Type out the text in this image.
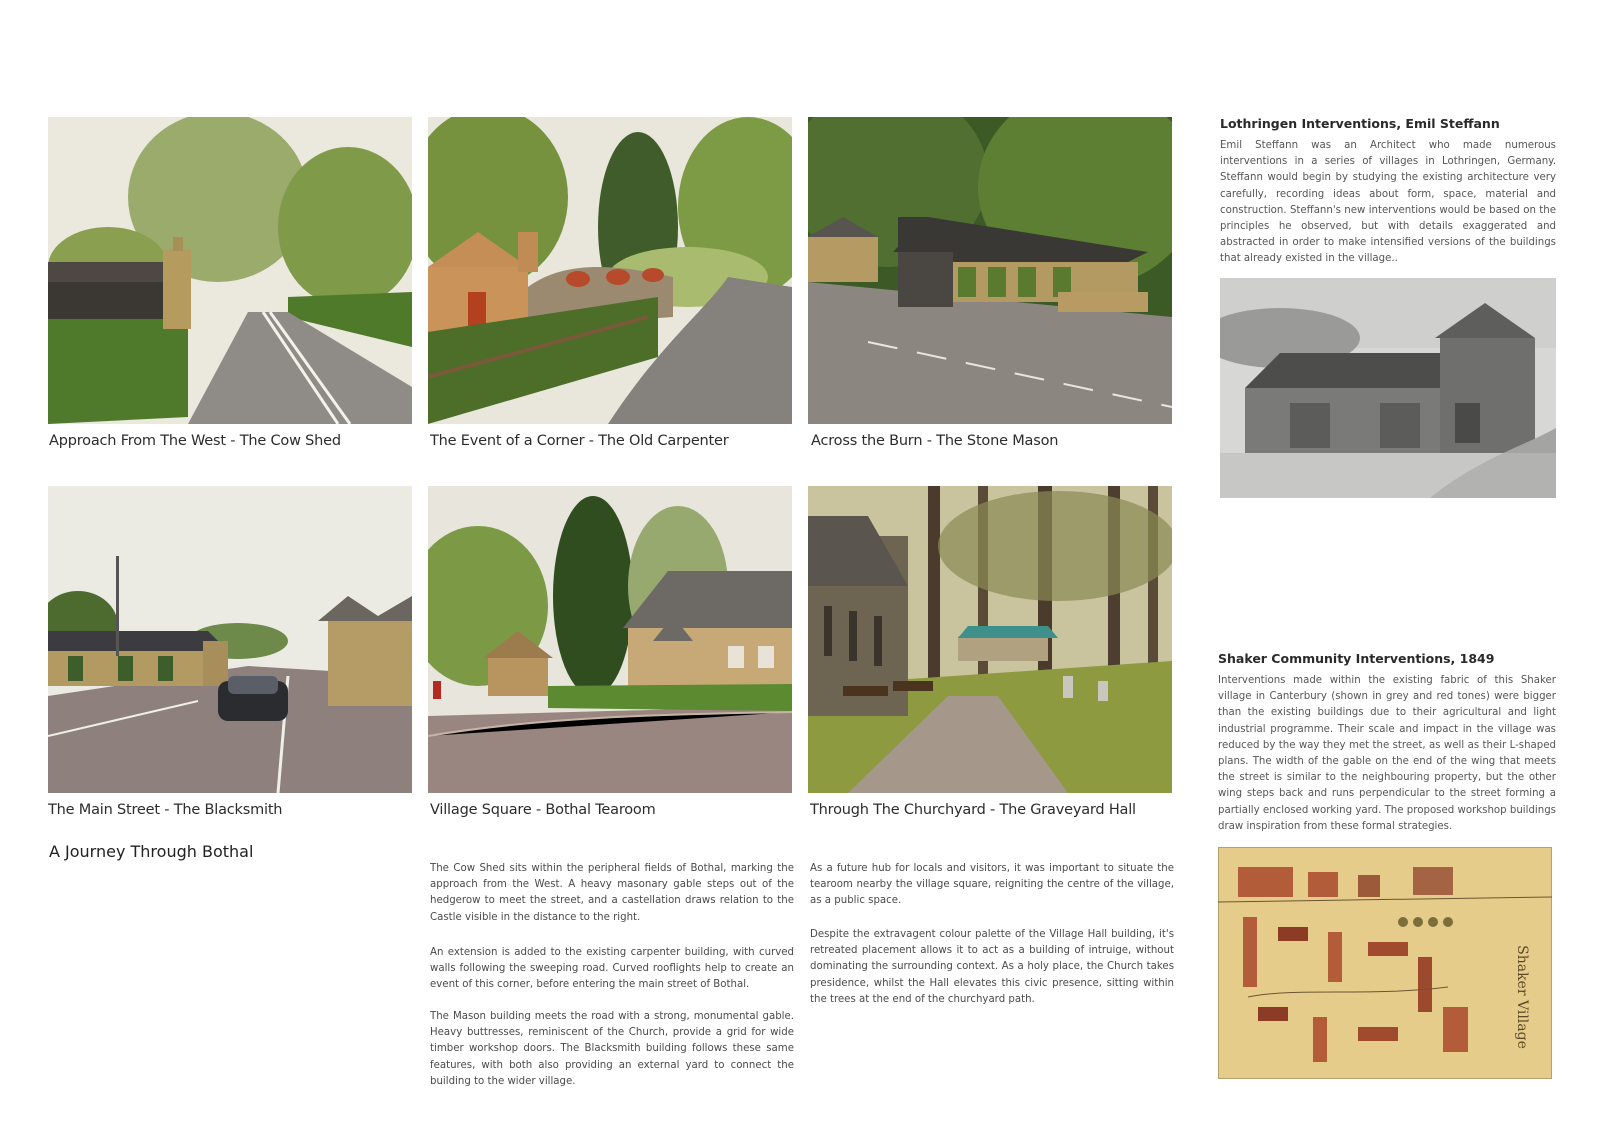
Approach From The West - The Cow Shed	The Event of a Corner - The Old Carpenter	Across the Burn - The Stone Mason
The Main Street - The Blacksmith	Village Square - Bothal Tearoom	Through The Churchyard - The Graveyard Hall
A Journey Through Bothal

The Cow Shed sits within the peripheral fields of Bothal, marking the approach from the West. A heavy masonary gable steps out of the hedgerow to meet the street, and a castellation draws relation to the Castle visible in the distance to the right.

An extension is added to the existing carpenter building, with curved walls following the sweeping road. Curved rooflights help to create an event of this corner, before entering the main street of Bothal.

The Mason building meets the road with a strong, monumental gable. Heavy buttresses, reminiscent of the Church, provide a grid for wide timber workshop doors. The Blacksmith building follows these same features, with both also providing an external yard to connect the building to the wider village.

As a future hub for locals and visitors, it was important to situate the tearoom nearby the village square, reigniting the centre of the village, as a public space.

Despite the extravagent colour palette of the Village Hall building, it's retreated placement allows it to act as a building of intruige, without dominating the surrounding context. As a holy place, the Church takes presidence, whilst the Hall elevates this civic presence, sitting within the trees at the end of the churchyard path.

Lothringen Interventions, Emil Steffann

Emil Steffann was an Architect who made numerous interventions in a series of villages in Lothringen, Germany. Steffann would begin by studying the existing architecture very carefully, recording ideas about form, space, material and construction. Steffann's new interventions would be based on the principles he observed, but with details exaggerated and abstracted in order to make intensified versions of the buildings that already existed in the village..

Shaker Community Interventions, 1849

Interventions made within the existing fabric of this Shaker village in Canterbury (shown in grey and red tones) were bigger than the existing buildings due to their agricultural and light industrial programme. Their scale and impact in the village was reduced by the way they met the street, as well as their L-shaped plans. The width of the gable on the end of the wing that meets the street is similar to the neighbouring property, but the other wing steps back and runs perpendicular to the street forming a partially enclosed working yard. The proposed workshop buildings draw inspiration from these formal strategies.

Shaker Village
